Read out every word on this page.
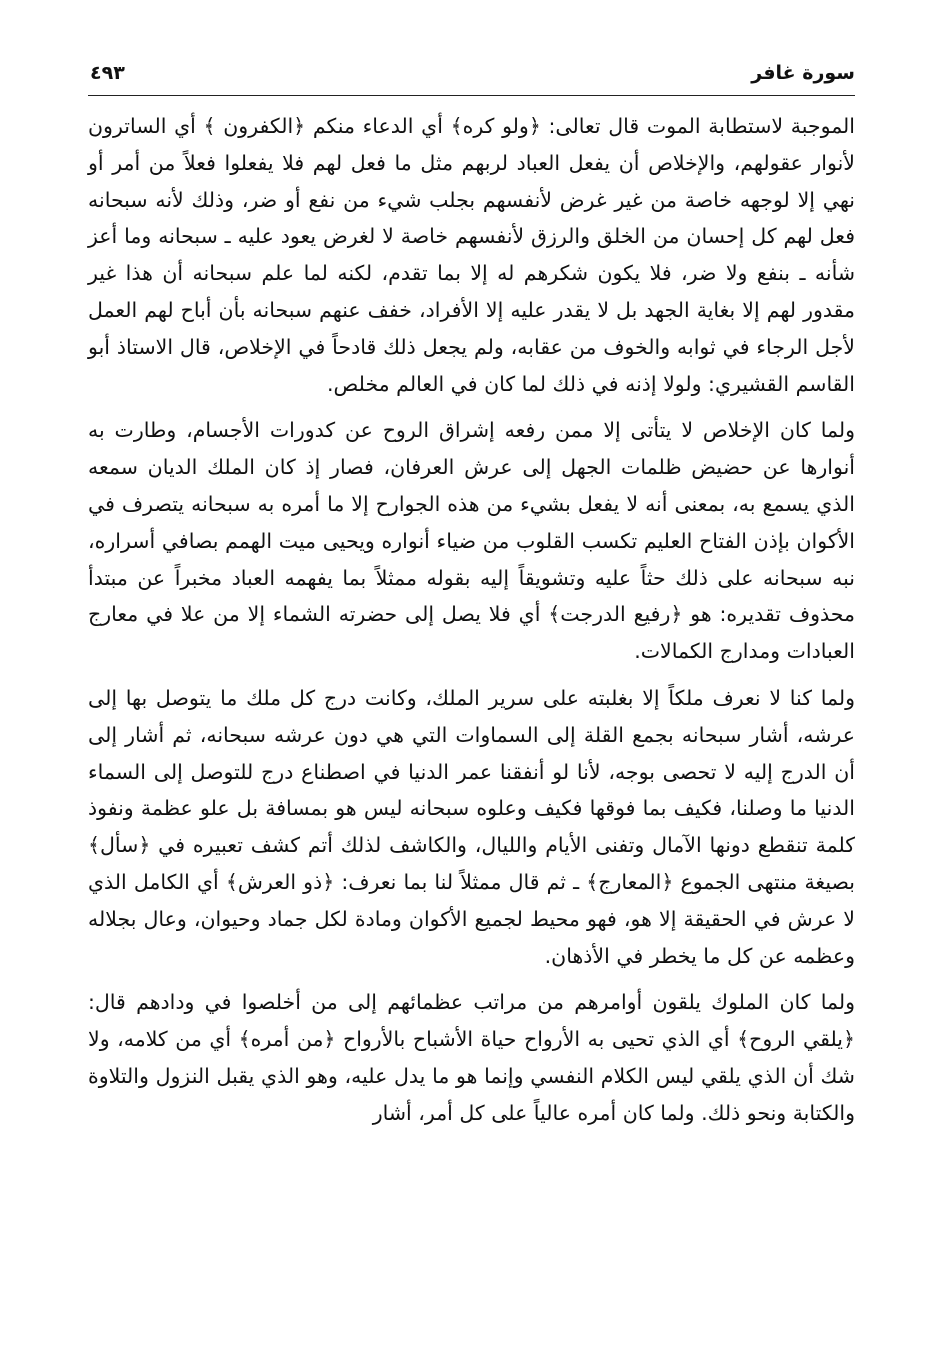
٤٩٣	سورة غافر

الموجبة لاستطابة الموت قال تعالى: ﴿ولو كره﴾ أي الدعاء منكم ﴿الكفرون ﴾ أي الساترون لأنوار عقولهم، والإخلاص أن يفعل العباد لربهم مثل ما فعل لهم فلا يفعلوا فعلاً من أمر أو نهي إلا لوجهه خاصة من غير غرض لأنفسهم بجلب شيء من نفع أو ضر، وذلك لأنه سبحانه فعل لهم كل إحسان من الخلق والرزق لأنفسهم خاصة لا لغرض يعود عليه ـ سبحانه وما أعز شأنه ـ بنفع ولا ضر، فلا يكون شكرهم له إلا بما تقدم، لكنه لما علم سبحانه أن هذا غير مقدور لهم إلا بغاية الجهد بل لا يقدر عليه إلا الأفراد، خفف عنهم سبحانه بأن أباح لهم العمل لأجل الرجاء في ثوابه والخوف من عقابه، ولم يجعل ذلك قادحاً في الإخلاص، قال الاستاذ أبو القاسم القشيري: ولولا إذنه في ذلك لما كان في العالم مخلص.

ولما كان الإخلاص لا يتأتى إلا ممن رفعه إشراق الروح عن كدورات الأجسام، وطارت به أنوارها عن حضيض ظلمات الجهل إلى عرش العرفان، فصار إذ كان الملك الديان سمعه الذي يسمع به، بمعنى أنه لا يفعل بشيء من هذه الجوارح إلا ما أمره به سبحانه يتصرف في الأكوان بإذن الفتاح العليم تكسب القلوب من ضياء أنواره ويحيى ميت الهمم بصافي أسراره، نبه سبحانه على ذلك حثاً عليه وتشويقاً إليه بقوله ممثلاً بما يفهمه العباد مخبراً عن مبتدأ محذوف تقديره: هو ﴿رفيع الدرجت﴾ أي فلا يصل إلى حضرته الشماء إلا من علا في معارج العبادات ومدارج الكمالات.

ولما كنا لا نعرف ملكاً إلا بغلبته على سرير الملك، وكانت درج كل ملك ما يتوصل بها إلى عرشه، أشار سبحانه بجمع القلة إلى السماوات التي هي دون عرشه سبحانه، ثم أشار إلى أن الدرج إليه لا تحصى بوجه، لأنا لو أنفقنا عمر الدنيا في اصطناع درج للتوصل إلى السماء الدنيا ما وصلنا، فكيف بما فوقها فكيف وعلوه سبحانه ليس هو بمسافة بل علو عظمة ونفوذ كلمة تنقطع دونها الآمال وتفنى الأيام والليال، والكاشف لذلك أتم كشف تعبيره في ﴿سأل﴾ بصيغة منتهى الجموع ﴿المعارج﴾ ـ ثم قال ممثلاً لنا بما نعرف: ﴿ذو العرش﴾ أي الكامل الذي لا عرش في الحقيقة إلا هو، فهو محيط لجميع الأكوان ومادة لكل جماد وحيوان، وعال بجلاله وعظمه عن كل ما يخطر في الأذهان.

ولما كان الملوك يلقون أوامرهم من مراتب عظمائهم إلى من أخلصوا في ودادهم قال: ﴿يلقي الروح﴾ أي الذي تحيى به الأرواح حياة الأشباح بالأرواح ﴿من أمره﴾ أي من كلامه، ولا شك أن الذي يلقي ليس الكلام النفسي وإنما هو ما يدل عليه، وهو الذي يقبل النزول والتلاوة والكتابة ونحو ذلك. ولما كان أمره عالياً على كل أمر، أشار
